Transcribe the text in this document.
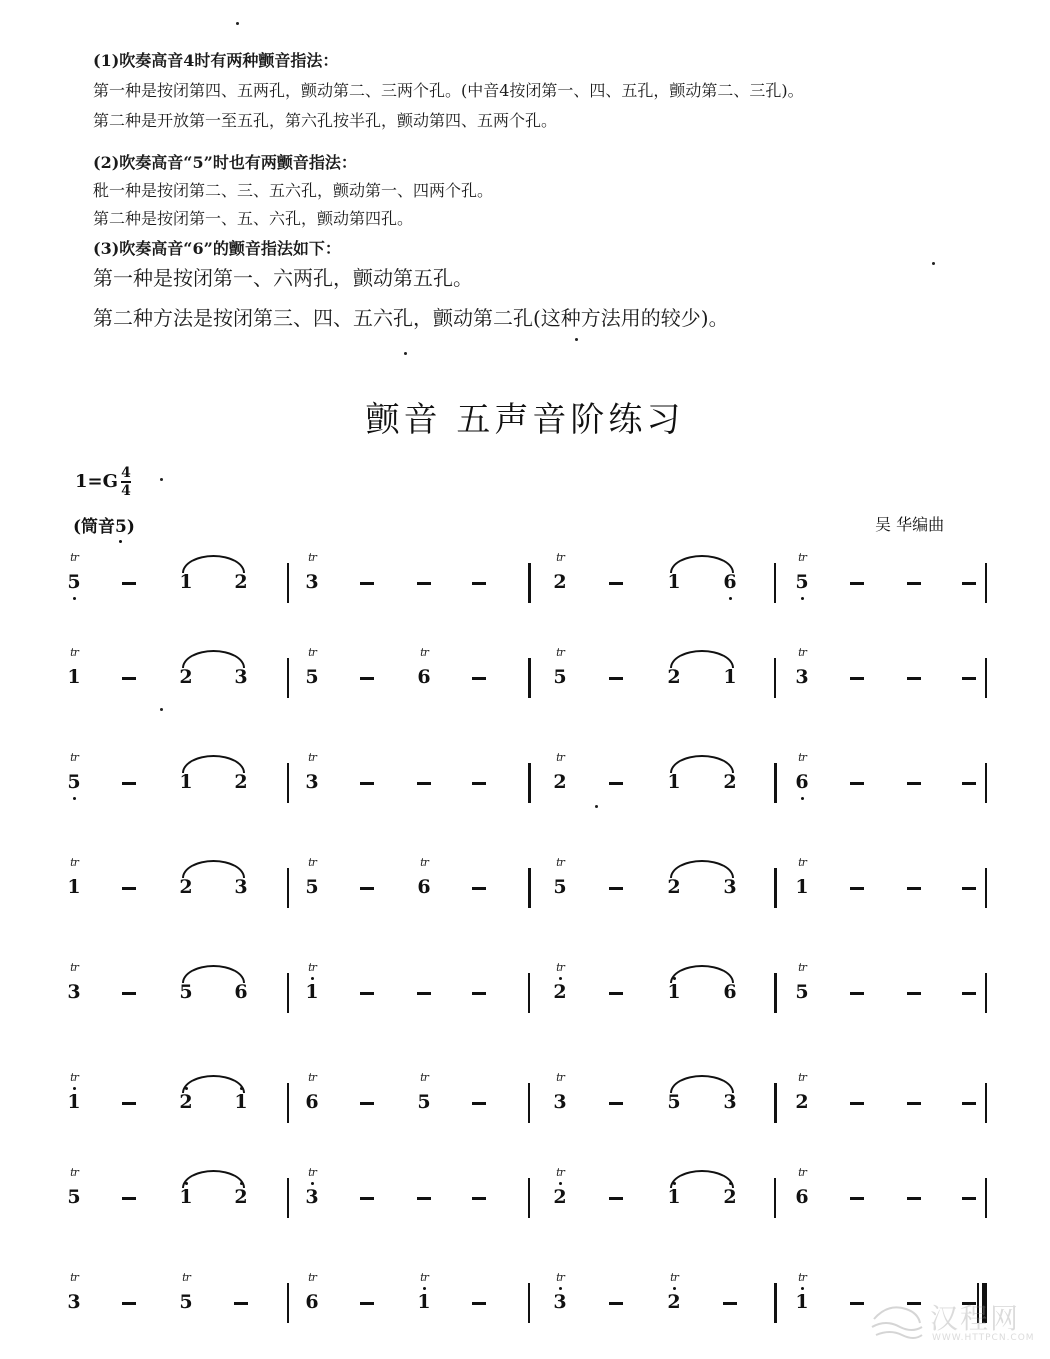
(1)吹奏高音4时有两种颤音指法：
第一种是按闭第四、五两孔，颤动第二、三两个孔。(中音4按闭第一、四、五孔，颤动第二、三孔)。
第二种是开放第一至五孔，第六孔按半孔，颤动第四、五两个孔。
(2)吹奏高音“5”时也有两颤音指法：
秕一种是按闭第二、三、五六孔，颤动第一、四两个孔。
第二种是按闭第一、五、六孔，颤动第四孔。
(3)吹奏高音“6”的颤音指法如下：
第一种是按闭第一、六两孔，颤动第五孔。
第二种方法是按闭第三、四、五六孔，颤动第二孔(这种方法用的较少)。
颤音 五声音阶练习
$1=G \frac{4}{4}$
(筒音5)	吴 华编曲
5
tr
1 2	3
tr
2
tr
1 6	5
tr
1
tr
2 3	5
tr
6
tr
5
tr
2 1	3
tr
5
tr
1 2	3
tr
2
tr
1 2	6
tr
1
tr
2 3	5
tr
6
tr
5
tr
2 3	1
tr
3
tr
5 6	1
tr
2
tr
1 6	5
tr
1
tr
2 1	6
tr
5
tr
3
tr
5 3	2
tr
5
tr
1 2	3
tr
2
tr
1 2	6
tr
3
tr
5
tr
6
tr
1
tr
3
tr
2
tr
1
tr
汉程网
WWW.HTTPCN.COM
